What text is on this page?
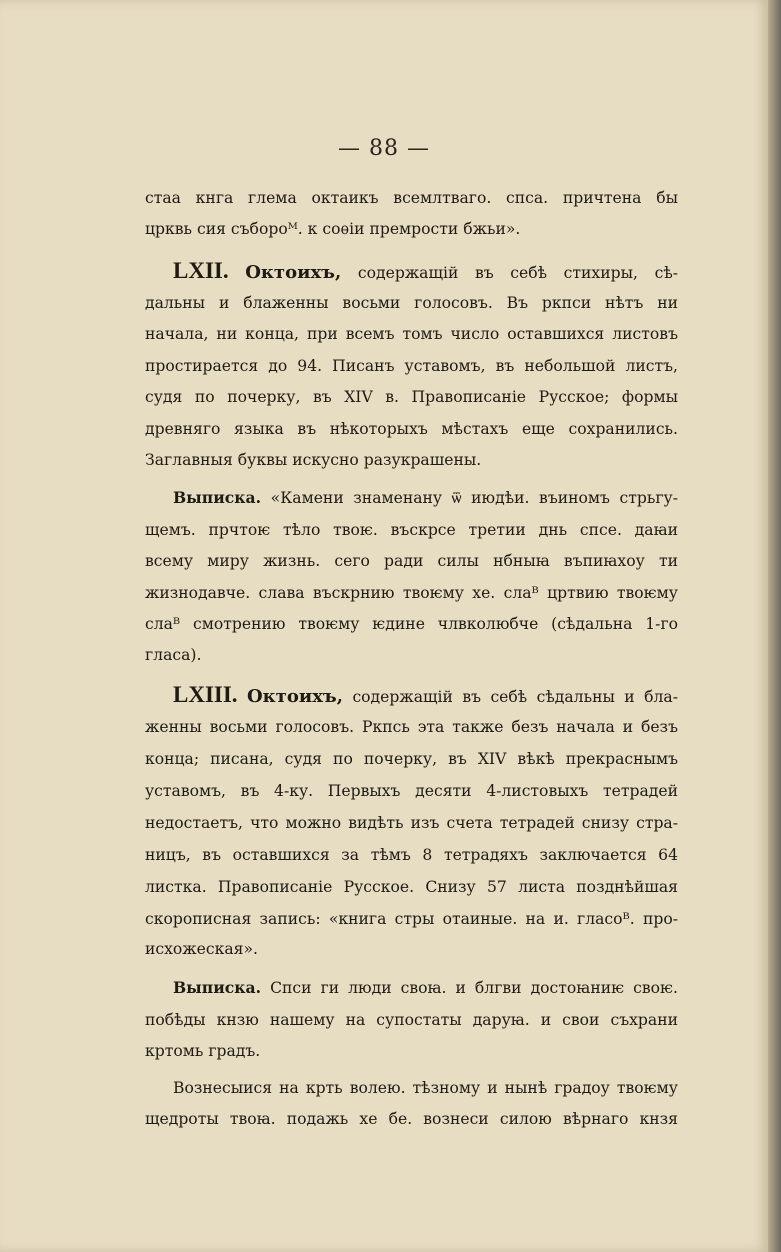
— 88 —
стаа кнга глема октаикъ всемлтваго. спса. причтена бы
црквь сия събороᴹ. к соѳіи премрости бжьи».
LXII. Октоихъ, содержащій въ себѣ стихиры, сѣ-
дальны и блаженны восьми голосовъ. Въ ркпси нѣтъ ни
начала, ни конца, при всемъ томъ число оставшихся листовъ
простирается до 94. Писанъ уставомъ, въ небольшой листъ,
судя по почерку, въ XIV в. Правописаніе Русское; формы
древняго языка въ нѣкоторыхъ мѣстахъ еще сохранились.
Заглавныя буквы искусно разукрашены.
Выписка. «Камени знаменану ѿ июдѣи. въиномъ стрьгу-
щемъ. прчтоѥ тѣло твоѥ. въскрсе третии днь спсе. даꙗи
всему миру жизнь. сего ради силы нбныꙗ въпиꙗхоу ти
жизнодавче. слава въскрнию твоѥму хе. слаᴮ цртвию твоѥму
слаᴮ смотрению твоѥму ѥдине члвколюбче (сѣдальна 1-го
гласа).
LXIII. Октоихъ, содержащій въ себѣ сѣдальны и бла-
женны восьми голосовъ. Ркпсь эта также безъ начала и безъ
конца; писана, судя по почерку, въ XIV вѣкѣ прекраснымъ
уставомъ, въ 4-ку. Первыхъ десяти 4-листовыхъ тетрадей
недостаетъ, что можно видѣть изъ счета тетрадей снизу стра-
ницъ, въ оставшихся за тѣмъ 8 тетрадяхъ заключается 64
листка. Правописаніе Русское. Снизу 57 листа позднѣйшая
скорописная запись: «книга стры отаиные. на и. гласоᴮ. про-
исхожеская».
Выписка. Спси ги люди своꙗ. и блгви достоꙗниѥ своѥ.
побѣды кнзю нашему на супостаты даруꙗ. и свои съхрани
кртомь градъ.
Вознесыися на крть волею. тѣзному и нынѣ градоу твоѥму
щедроты твоꙗ. подажь хе бе. вознеси силою вѣрнаго кнзя
